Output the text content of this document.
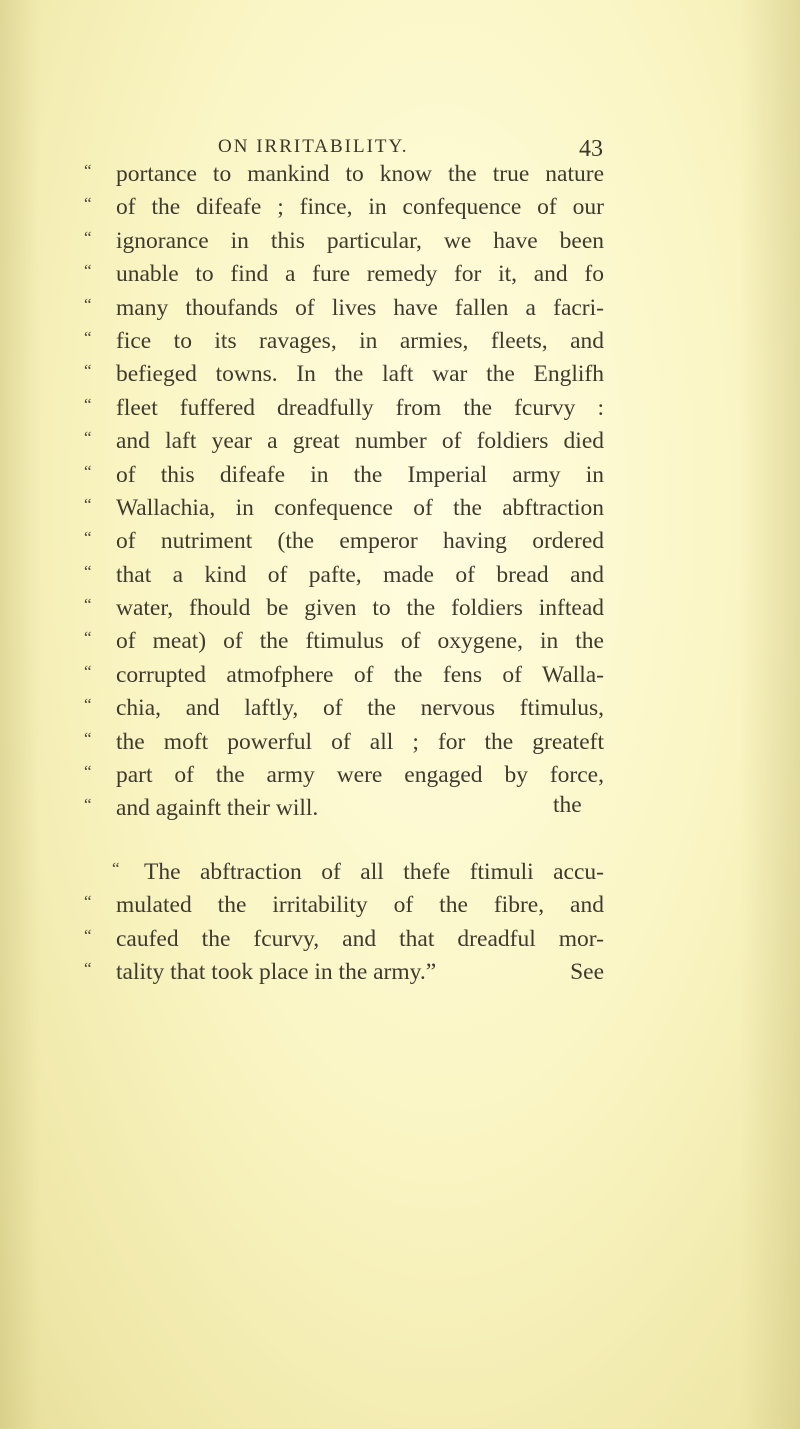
ON IRRITABILITY.	43
“	portance to mankind to know the true nature
“	of the difeafe ; fince, in confequence of our
“	ignorance in this particular, we have been
“	unable to find a fure remedy for it, and fo
“	many thoufands of lives have fallen a facri-
“	fice to its ravages, in armies, fleets, and
“	befieged towns. In the laft war the Englifh
“	fleet fuffered dreadfully from the fcurvy :
“	and laft year a great number of foldiers died
“	of this difeafe in the Imperial army in
“	Wallachia, in confequence of the abftraction
“	of nutriment (the emperor having ordered
“	that a kind of pafte, made of bread and
“	water, fhould be given to the foldiers inftead
“	of meat) of the ftimulus of oxygene, in the
“	corrupted atmofphere of the fens of Walla-
“	chia, and laftly, of the nervous ftimulus,
“	the moft powerful of all ; for the greateft
“	part of the army were engaged by force,
“	and againft their will.
“	The abftraction of all thefe ftimuli accu-
“	mulated the irritability of the fibre, and
“	caufed the fcurvy, and that dreadful mor-
“	tality that took place in the army.”	See
the
